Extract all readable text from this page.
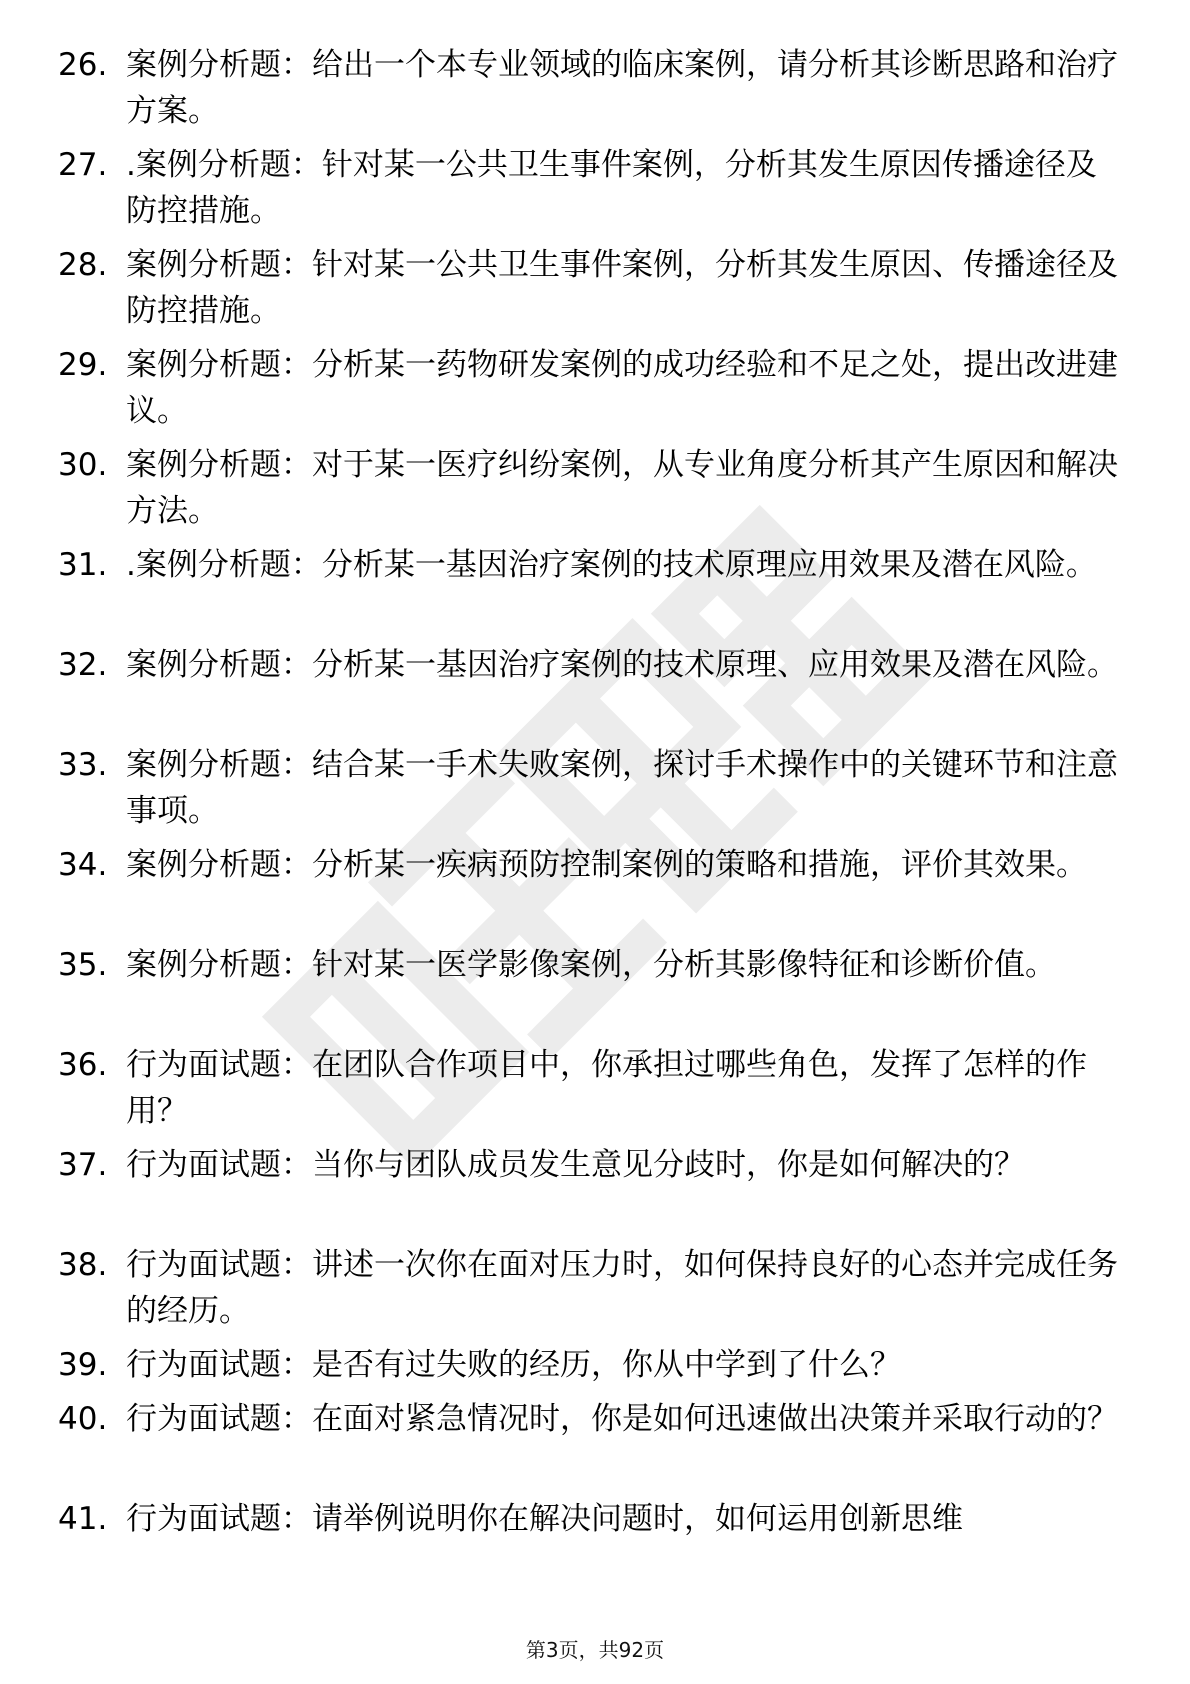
26. 案例分析题：给出一个本专业领域的临床案例，请分析其诊断思路和治疗方案。
27. .案例分析题：针对某一公共卫生事件案例，分析其发生原因传播途径及防控措施。
28. 案例分析题：针对某一公共卫生事件案例，分析其发生原因、传播途径及防控措施。
29. 案例分析题：分析某一药物研发案例的成功经验和不足之处，提出改进建议。
30. 案例分析题：对于某一医疗纠纷案例，从专业角度分析其产生原因和解决方法。
31. .案例分析题：分析某一基因治疗案例的技术原理应用效果及潜在风险。
32. 案例分析题：分析某一基因治疗案例的技术原理、应用效果及潜在风险。
33. 案例分析题：结合某一手术失败案例，探讨手术操作中的关键环节和注意事项。
34. 案例分析题：分析某一疾病预防控制案例的策略和措施，评价其效果。
35. 案例分析题：针对某一医学影像案例，分析其影像特征和诊断价值。
36. 行为面试题：在团队合作项目中，你承担过哪些角色，发挥了怎样的作用？
37. 行为面试题：当你与团队成员发生意见分歧时，你是如何解决的？
38. 行为面试题：讲述一次你在面对压力时，如何保持良好的心态并完成任务的经历。
39. 行为面试题：是否有过失败的经历，你从中学到了什么？
40. 行为面试题：在面对紧急情况时，你是如何迅速做出决策并采取行动的？
41. 行为面试题：请举例说明你在解决问题时，如何运用创新思维
第3页，共92页
